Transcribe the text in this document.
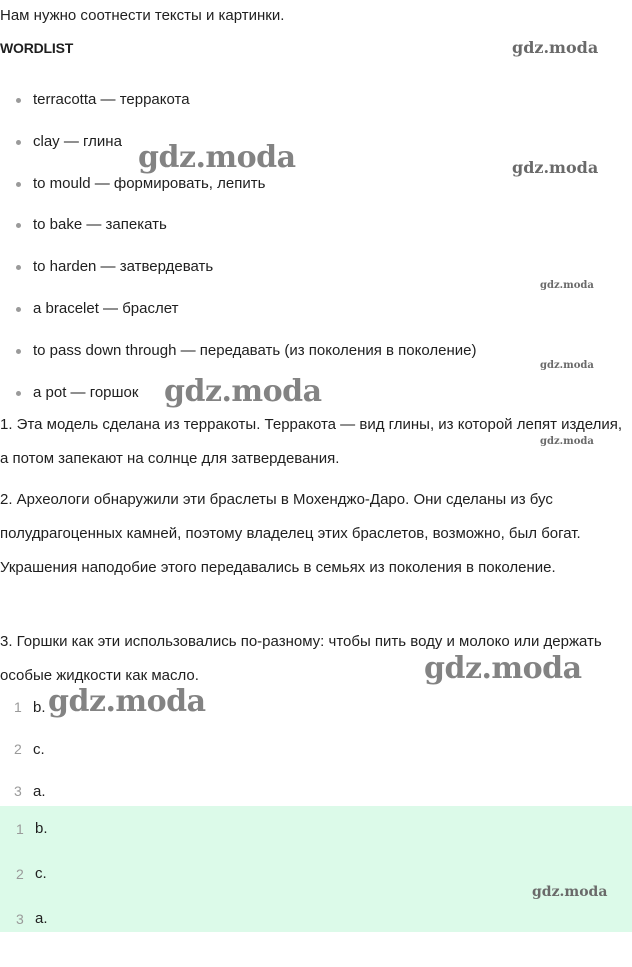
Нам нужно соотнести тексты и картинки.
WORDLIST
terracotta — терракота
clay — глина
to mould — формировать, лепить
to bake — запекать
to harden — затвердевать
a bracelet — браслет
to pass down through — передавать (из поколения в поколение)
a pot — горшок
1. Эта модель сделана из терракоты. Терракота — вид глины, из которой лепят изделия, а потом запекают на солнце для затвердевания.
2. Археологи обнаружили эти браслеты в Мохенджо-Даро. Они сделаны из бус полудрагоценных камней, поэтому владелец этих браслетов, возможно, был богат. Украшения наподобие этого передавались в семьях из поколения в поколение.
3. Горшки как эти использовались по-разному: чтобы пить воду и молоко или держать особые жидкости как масло.
1 b.
2 c.
3 a.
1 b.
2 c.
3 a.
gdz.moda
gdz.moda	gdz.moda
gdz.moda
gdz.moda
gdz.moda
gdz.moda
gdz.moda
gdz.moda
gdz.moda
